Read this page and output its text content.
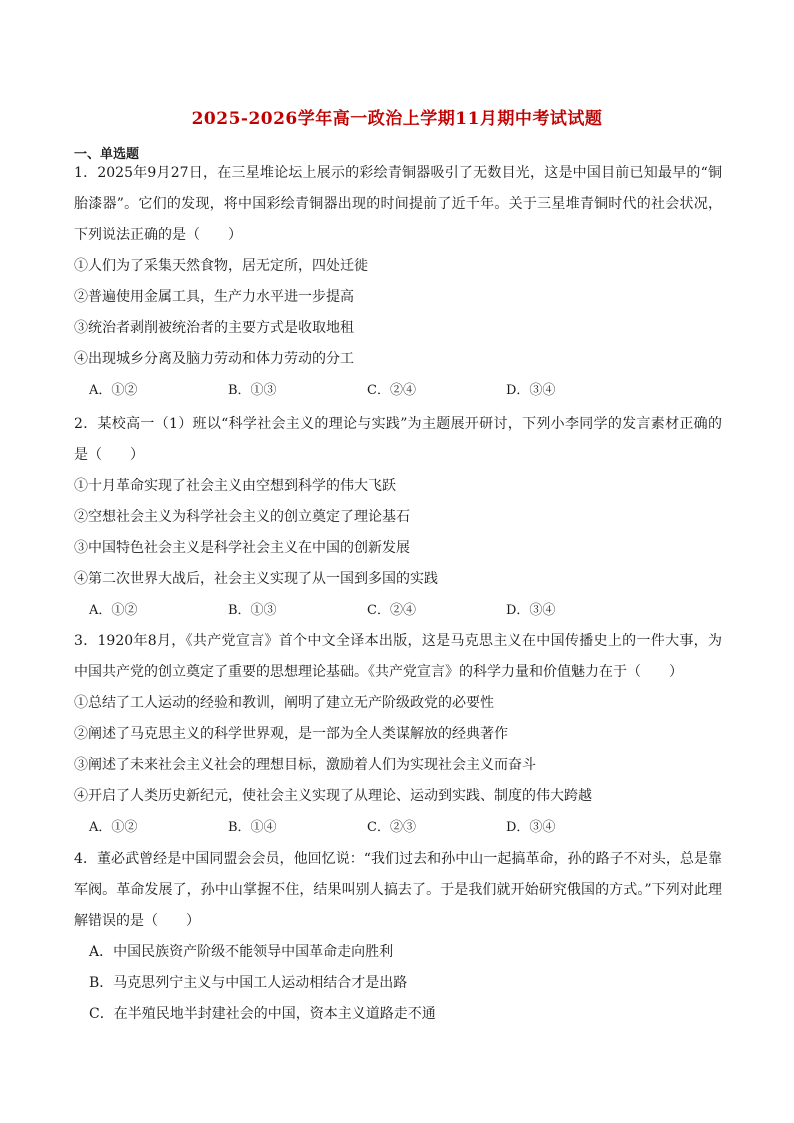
2025-2026学年高一政治上学期11月期中考试试题
一、单选题

1．2025年9月27日，在三星堆论坛上展示的彩绘青铜器吸引了无数目光，这是中国目前已知最早的“铜胎漆器”。它们的发现，将中国彩绘青铜器出现的时间提前了近千年。关于三星堆青铜时代的社会状况，下列说法正确的是（　　）

①人们为了采集天然食物，居无定所，四处迁徙
②普遍使用金属工具，生产力水平进一步提高
③统治者剥削被统治者的主要方式是收取地租
④出现城乡分离及脑力劳动和体力劳动的分工
A．①②	B．①③	C．②④	D．③④

2．某校高一（1）班以“科学社会主义的理论与实践”为主题展开研讨，下列小李同学的发言素材正确的是（　　）

①十月革命实现了社会主义由空想到科学的伟大飞跃
②空想社会主义为科学社会主义的创立奠定了理论基石
③中国特色社会主义是科学社会主义在中国的创新发展
④第二次世界大战后，社会主义实现了从一国到多国的实践
A．①②	B．①③	C．②④	D．③④

3．1920年8月，《共产党宣言》首个中文全译本出版，这是马克思主义在中国传播史上的一件大事，为中国共产党的创立奠定了重要的思想理论基础。《共产党宣言》的科学力量和价值魅力在于（　　）

①总结了工人运动的经验和教训，阐明了建立无产阶级政党的必要性
②阐述了马克思主义的科学世界观，是一部为全人类谋解放的经典著作
③阐述了未来社会主义社会的理想目标，激励着人们为实现社会主义而奋斗
④开启了人类历史新纪元，使社会主义实现了从理论、运动到实践、制度的伟大跨越
A．①②	B．①④	C．②③	D．③④

4．董必武曾经是中国同盟会会员，他回忆说：“我们过去和孙中山一起搞革命，孙的路子不对头，总是靠军阀。革命发展了，孙中山掌握不住，结果叫别人搞去了。于是我们就开始研究俄国的方式。”下列对此理解错误的是（　　）

A．中国民族资产阶级不能领导中国革命走向胜利
B．马克思列宁主义与中国工人运动相结合才是出路
C．在半殖民地半封建社会的中国，资本主义道路走不通
